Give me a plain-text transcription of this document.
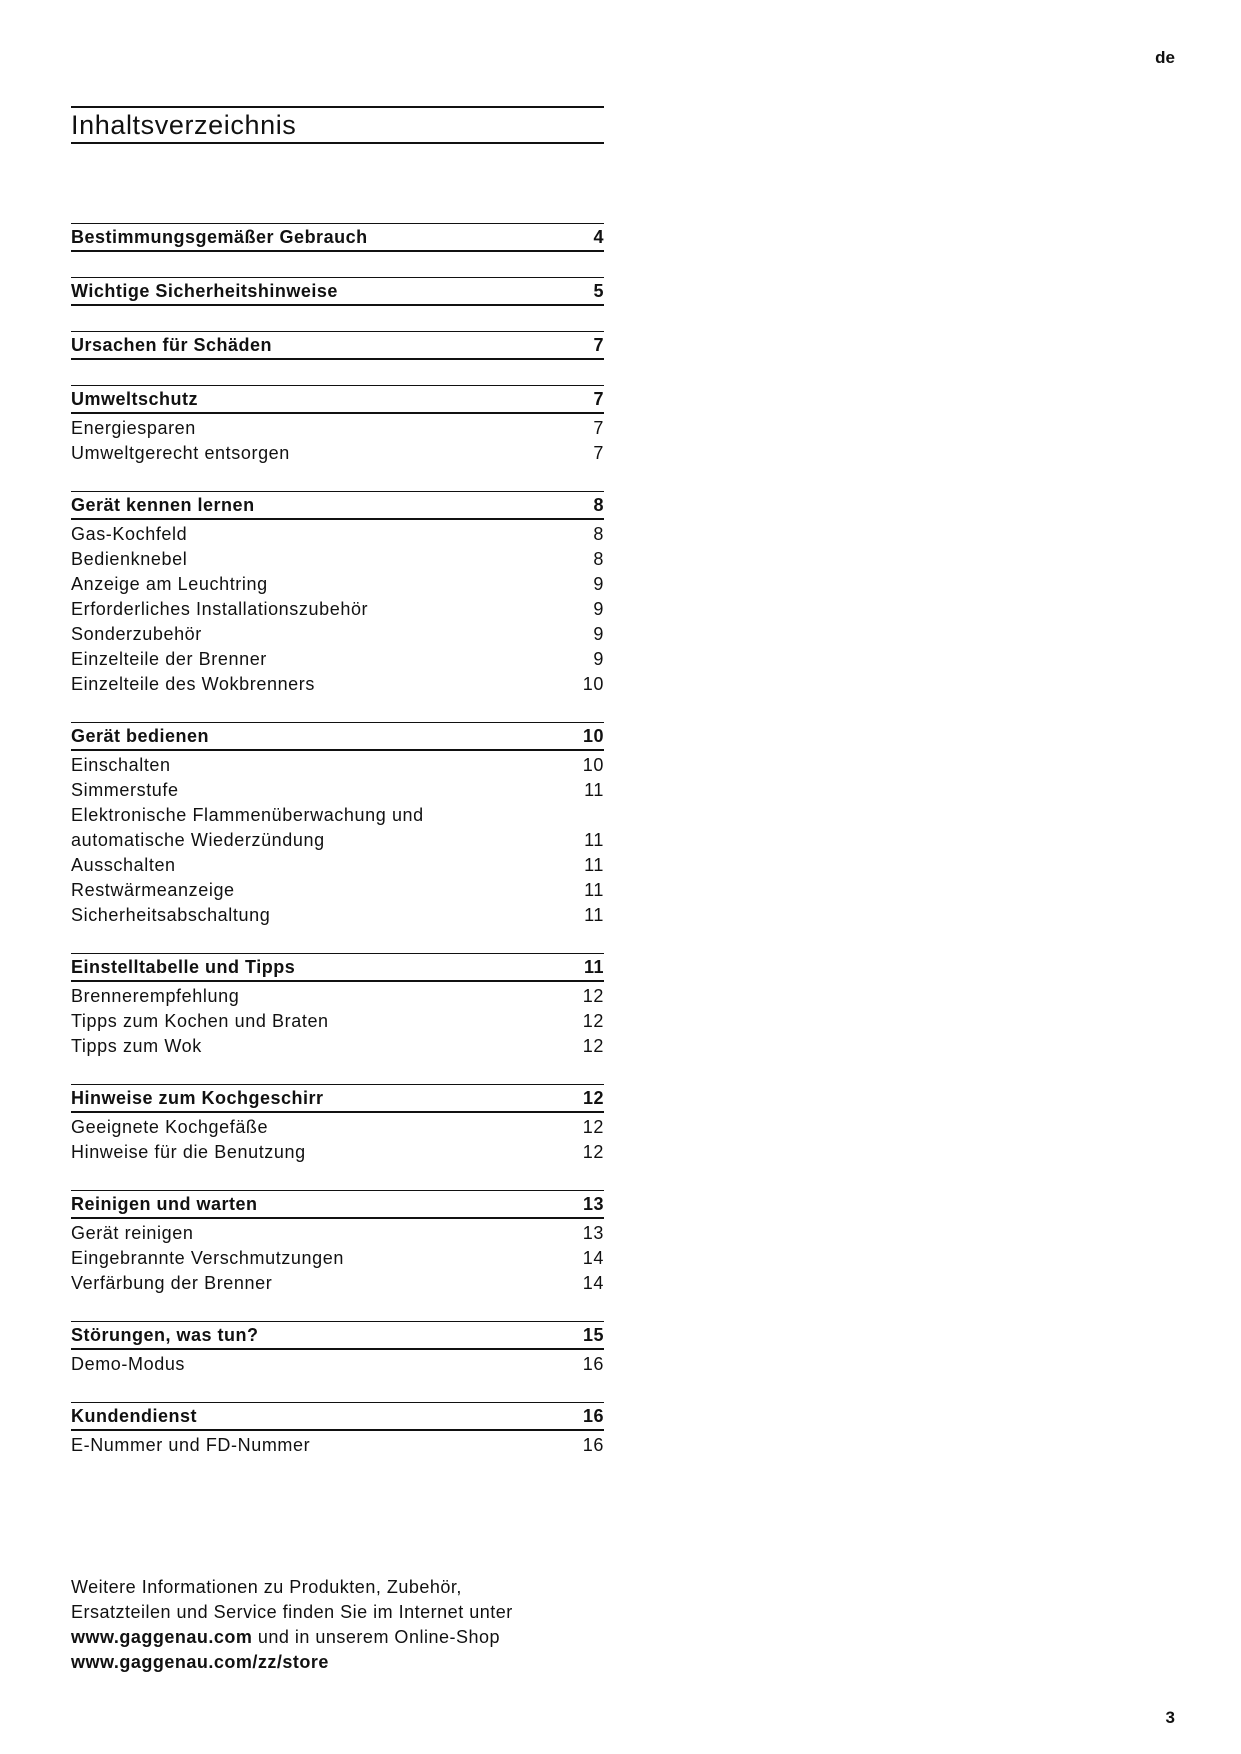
de
Inhaltsverzeichnis
Bestimmungsgemäßer Gebrauch	4
Wichtige Sicherheitshinweise	5
Ursachen für Schäden	7
Umweltschutz	7
Energiesparen	7
Umweltgerecht entsorgen	7
Gerät kennen lernen	8
Gas-Kochfeld	8
Bedienknebel	8
Anzeige am Leuchtring	9
Erforderliches Installationszubehör	9
Sonderzubehör	9
Einzelteile der Brenner	9
Einzelteile des Wokbrenners	10
Gerät bedienen	10
Einschalten	10
Simmerstufe	11
Elektronische Flammenüberwachung und
automatische Wiederzündung	11
Ausschalten	11
Restwärmeanzeige	11
Sicherheitsabschaltung	11
Einstelltabelle und Tipps	11
Brennerempfehlung	12
Tipps zum Kochen und Braten	12
Tipps zum Wok	12
Hinweise zum Kochgeschirr	12
Geeignete Kochgefäße	12
Hinweise für die Benutzung	12
Reinigen und warten	13
Gerät reinigen	13
Eingebrannte Verschmutzungen	14
Verfärbung der Brenner	14
Störungen, was tun?	15
Demo-Modus	16
Kundendienst	16
E-Nummer und FD-Nummer	16
Weitere Informationen zu Produkten, Zubehör,
Ersatzteilen und Service finden Sie im Internet unter
www.gaggenau.com und in unserem Online-Shop
www.gaggenau.com/zz/store
3
